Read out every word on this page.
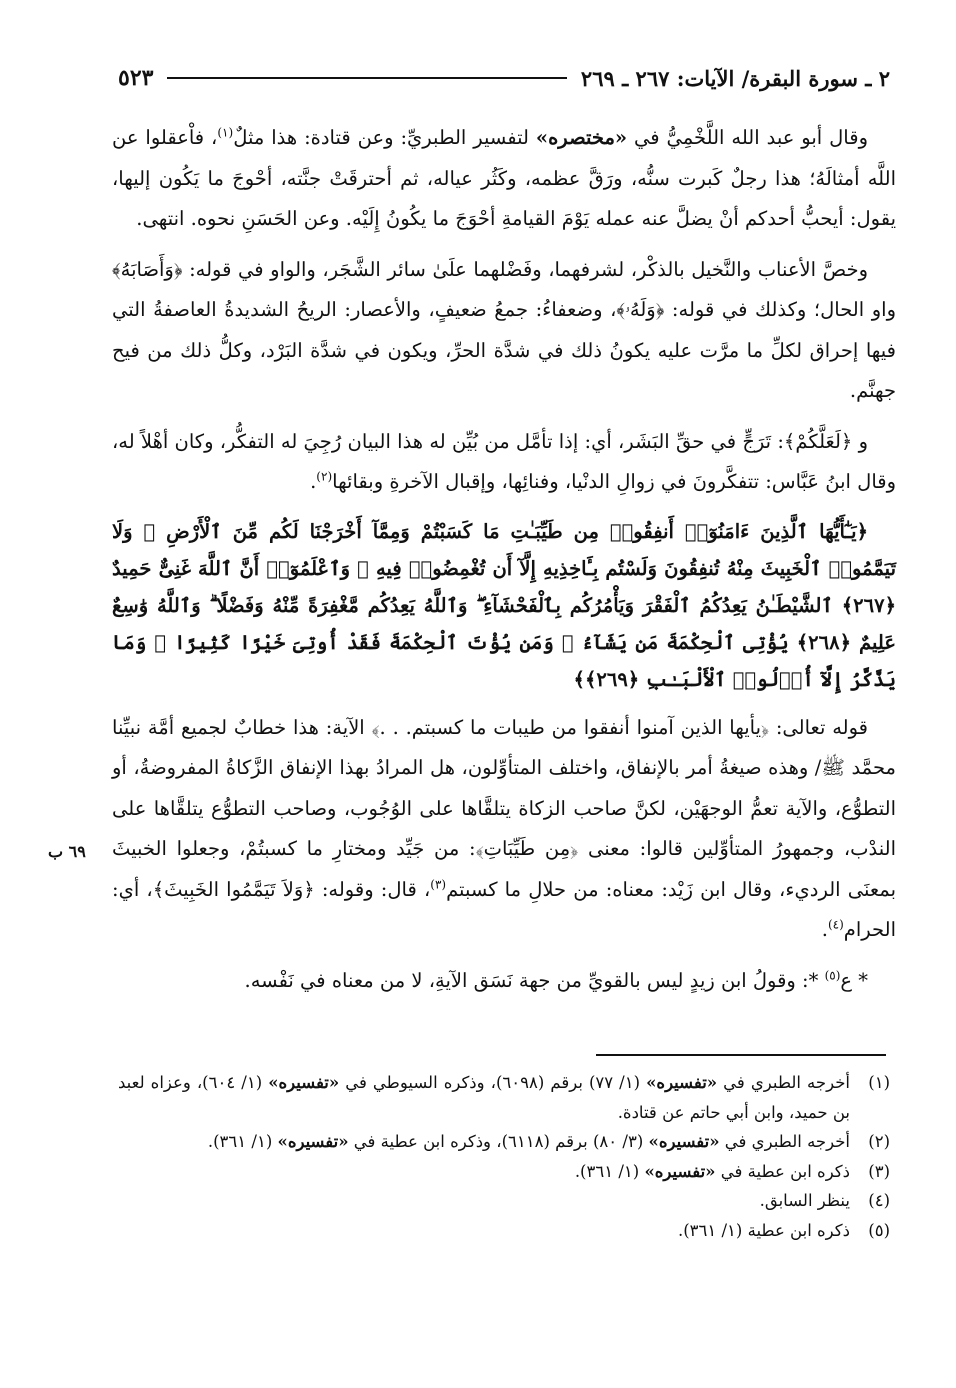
٢ ـ سورة البقرة/ الآيات: ٢٦٧ ـ ٢٦٩
٥٢٣

وقال أبو عبد الله اللَّخْمِيُّ في «مختصره» لتفسير الطبريِّ: وعن قتادة: هذا مثلٌ$^{(١)}$، فاْعقلوا عن اللَّه أمثالَهُ؛ هذا رجلٌ كَبرت سنُّه، ورَقَّ عظمه، وكَثُر عياله، ثم أحترقَتْ جنَّته، أحْوجَ ما يَكُون إليها، يقول: أيحبُّ أحدكم أنْ يضلَّ عنه عمله يَوْمَ القيامةِ أحْوَجَ ما يكُونُ إِلَيْه. وعن الحَسَنِ نحوه. انتهى.

وخصَّ الأعناب والنَّخيل بالذكْر، لشرفهما، وفَضْلهما علَىٰ سائر الشَّجَر، والواو في قوله: ﴿وَأَصَابَهُ﴾ واو الحال؛ وكذلك في قوله: ﴿وَلَهُۥ﴾، وضعفاءُ: جمعُ ضعيفٍ، والأعصار: الريحُ الشديدةُ العاصفةُ التي فيها إحراق لكلِّ ما مرَّت عليه يكونُ ذلك في شدَّة الحرِّ، ويكون في شدَّة البَرْد، وكلُّ ذلك من فيح جهنَّم.

و ﴿لَعَلَّكُمْ﴾: تَرَجٍّ في حقِّ البَشَر، أي: إذا تأمَّل من بُيِّن له هذا البيان رُجِيَ له التفكُّر، وكان أهْلاً له، وقال ابنُ عَبَّاس: تتفكَّرونَ في زوالِ الدنْيا، وفنائِها، وإقبال الآخرةِ وبقائها$^{(٢)}$.

﴿يَـٰٓأَيُّهَا ٱلَّذِينَ ءَامَنُوٓا۟ أَنفِقُوا۟ مِن طَيِّبَـٰتِ مَا كَسَبْتُمْ وَمِمَّآ أَخْرَجْنَا لَكُم مِّنَ ٱلْأَرْضِ ۖ وَلَا تَيَمَّمُوا۟ ٱلْخَبِيثَ مِنْهُ تُنفِقُونَ وَلَسْتُم بِـَٔاخِذِيهِ إِلَّآ أَن تُغْمِضُوا۟ فِيهِ ۚ وَٱعْلَمُوٓا۟ أَنَّ ٱللَّهَ غَنِىٌّ حَمِيدٌ ﴿٢٦٧﴾ ٱلشَّيْطَـٰنُ يَعِدُكُمُ ٱلْفَقْرَ وَيَأْمُرُكُم بِٱلْفَحْشَآءِ ۖ وَٱللَّهُ يَعِدُكُم مَّغْفِرَةً مِّنْهُ وَفَضْلًا ۗ وَٱللَّهُ وَٰسِعٌ عَلِيمٌ ﴿٢٦٨﴾ يُؤْتِى ٱلْحِكْمَةَ مَن يَشَآءُ ۚ وَمَن يُؤْتَ ٱلْحِكْمَةَ فَقَدْ أُوتِىَ خَيْرًا كَثِيرًا ۗ وَمَا يَذَّكَّرُ إِلَّآ أُو۟لُوا۟ ٱلْأَلْبَـٰبِ ﴿٢٦٩﴾﴾

قوله تعالى: ﴿يأيها الذين آمنوا أنفقوا من طيبات ما كسبتم. . .﴾ الآية: هذا خطابٌ لجميع أمَّة نبيِّنا محمَّد ﷺ/ وهذه صيغةُ أمر بالإنفاق، واختلف المتأوِّلون، هل المرادُ بهذا الإنفاق الزَّكاةُ المفروضةُ، أو التطوُّع، والآية تعمُّ الوجهَيْن، لكنَّ صاحب الزكاة يتلقَّاها على الوُجُوب، وصاحب التطوُّع يتلقَّاها على الندْب، وجمهورُ المتأوِّلين قالوا: معنى ﴿مِن طَيِّبَاتِ﴾: من جَيِّد ومختارِ ما كسبتُمْ، وجعلوا الخبيثَ بمعنَى الرديء، وقال ابن زَيْد: معناه: من حلالِ ما كسبتم$^{(٣)}$، قال: وقوله: ﴿وَلاَ تَيَمَّمُوا الخَبِيثَ﴾، أي: الحرام$^{(٤)}$.

* ع$^{(٥)}$ *: وقولُ ابن زيدٍ ليس بالقويِّ من جهة نَسَق الآيةِ، لا من معناه في نَفْسه.

٦٩ ب
(١)
أخرجه الطبري في «تفسيره» (١/ ٧٧) برقم (٦٠٩٨)، وذكره السيوطي في «تفسيره» (١/ ٦٠٤)، وعزاه لعبد بن حميد، وابن أبي حاتم عن قتادة.
(٢)
أخرجه الطبري في «تفسيره» (٣/ ٨٠) برقم (٦١١٨)، وذكره ابن عطية في «تفسيره» (١/ ٣٦١).
(٣)
ذكره ابن عطية في «تفسيره» (١/ ٣٦١).
(٤)
ينظر السابق.
(٥)
ذكره ابن عطية (١/ ٣٦١).
